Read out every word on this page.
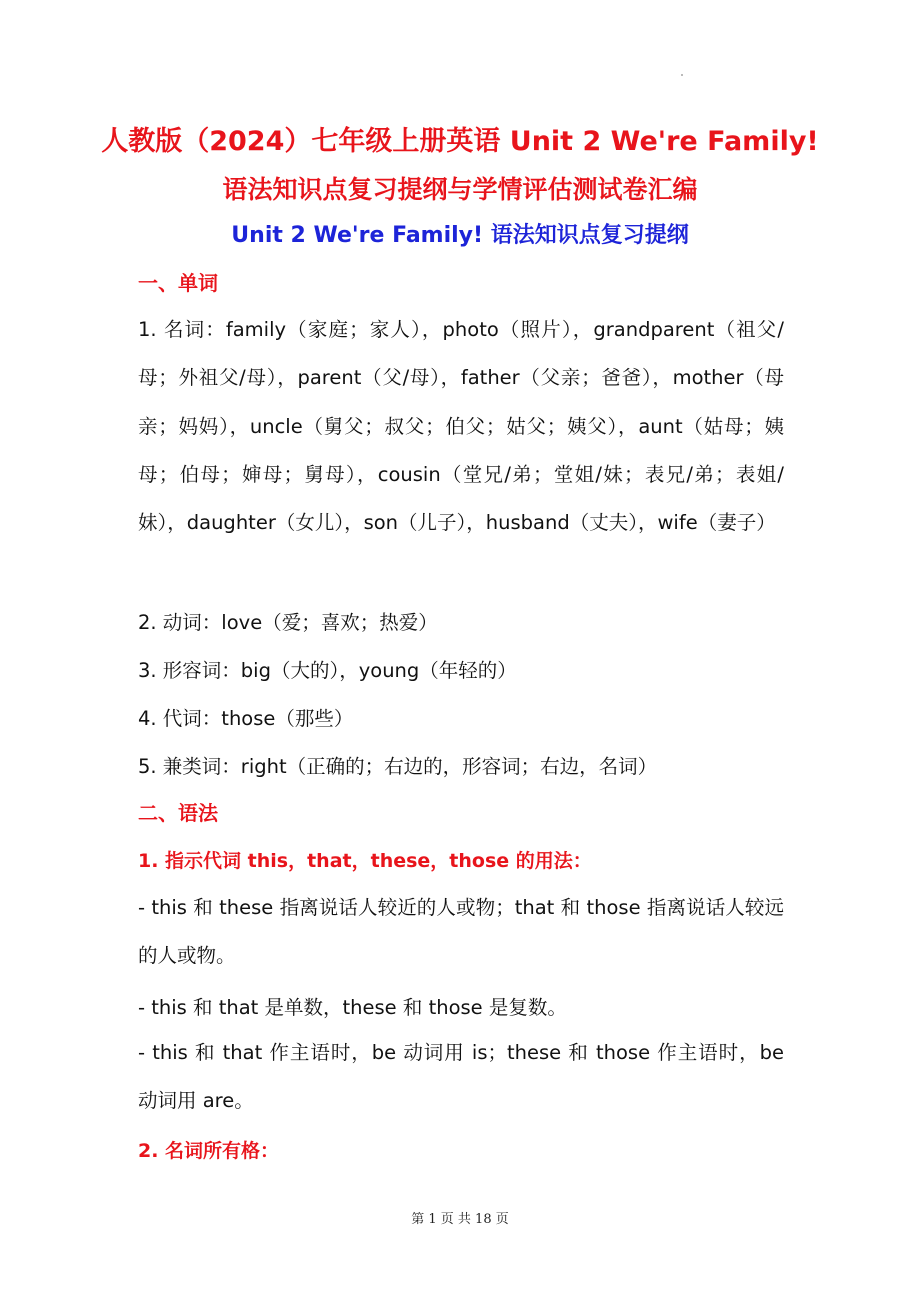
人教版（2024）七年级上册英语 Unit 2 We're Family!
语法知识点复习提纲与学情评估测试卷汇编
Unit 2 We're Family! 语法知识点复习提纲
一、单词

1. 名词：family（家庭；家人），photo（照片），grandparent（祖父/母；外祖父/母），parent（父/母），father（父亲；爸爸），mother（母亲；妈妈），uncle（舅父；叔父；伯父；姑父；姨父），aunt（姑母；姨母；伯母；婶母；舅母），cousin（堂兄/弟；堂姐/妹；表兄/弟；表姐/妹），daughter（女儿），son（儿子），husband（丈夫），wife（妻子）

2. 动词：love（爱；喜欢；热爱）

3. 形容词：big（大的），young（年轻的）

4. 代词：those（那些）

5. 兼类词：right（正确的；右边的，形容词；右边，名词）

二、语法
1. 指示代词 this，that，these，those 的用法：

- this 和 these 指离说话人较近的人或物；that 和 those 指离说话人较远的人或物。

- this 和 that 是单数，these 和 those 是复数。

- this 和 that 作主语时，be 动词用 is；these 和 those 作主语时，be 动词用 are。

2. 名词所有格：
第 1 页 共 18 页
